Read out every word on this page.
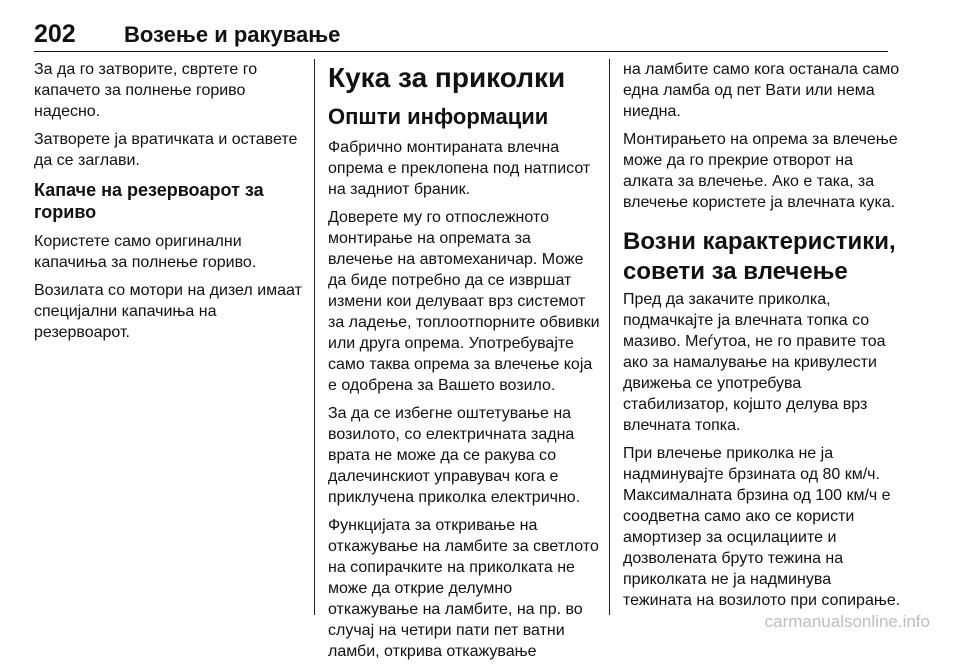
202 Возење и ракување

За да го затворите, свртете го капачето за полнење гориво надесно.

Затворете ја вратичката и оставете да се заглави.

Капаче на резервоарот за гориво

Користете само оригинални капачиња за полнење гориво.

Возилата со мотори на дизел имаат специјални капачиња на резервоарот.

Кука за приколки
Општи информации

Фабрично монтираната влечна опрема е преклопена под натписот на задниот браник.

Доверете му го отпослежното монтирање на опремата за влечење на автомеханичар. Може да биде потребно да се извршат измени кои делуваат врз системот за ладење, топлоотпорните обвивки или друга опрема. Употребувајте само таква опрема за влечење која е одобрена за Вашето возило.

За да се избегне оштетување на возилото, со електричната задна врата не може да се ракува со далечинскиот управувач кога е приклучена приколка електрично.

Функцијата за откривање на откажување на ламбите за светлото на сопирачките на приколката не може да открие делумно откажување на ламбите, на пр. во случај на четири пати пет ватни ламби, открива откажување

на ламбите само кога останала само една ламба од пет Вати или нема ниедна.

Монтирањето на опрема за влечење може да го прекрие отворот на алката за влечење. Ако е така, за влечење користете ја влечната кука.

Возни карактеристики, совети за влечење

Пред да закачите приколка, подмачкајте ја влечната топка со мазиво. Меѓутоа, не го правите тоа ако за намалување на кривулести движења се употребува стабилизатор, којшто делува врз влечната топка.

При влечење приколка не ја надминувајте брзината од 80 км/ч. Максималната брзина од 100 км/ч е соодветна само ако се користи амортизер за осцилациите и дозволената бруто тежина на приколката не ја надминува тежината на возилото при сопирање.

carmanualsonline.info
